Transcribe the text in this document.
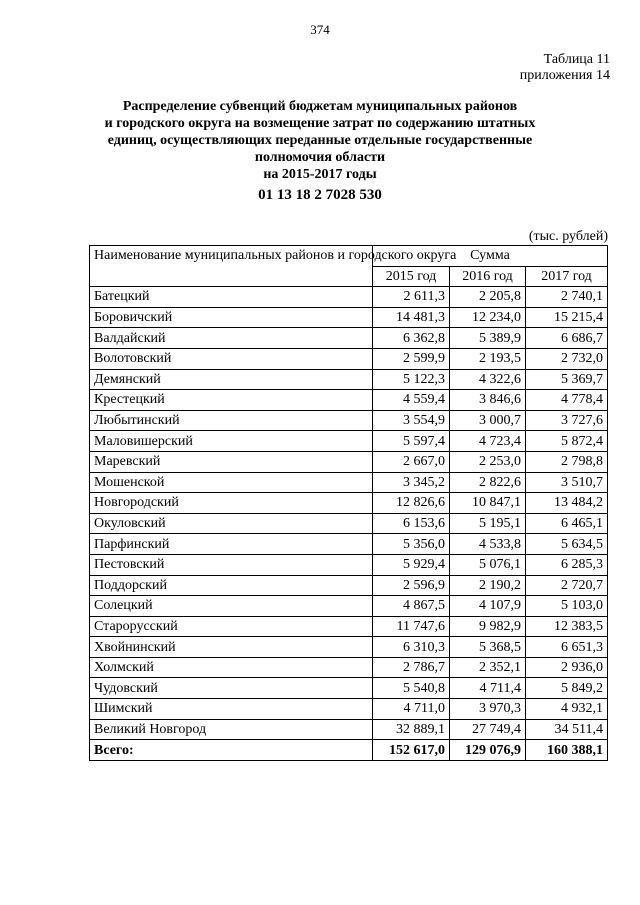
374
Таблица 11
приложения 14
Распределение субвенций бюджетам муниципальных районов
и городского округа на возмещение затрат по содержанию штатных
единиц, осуществляющих переданные отдельные государственные
полномочия области
на 2015-2017 годы
01 13 18 2 7028 530
(тыс. рублей)
Наименование муниципальных районов и городского округа	Сумма		
	2015 год	2016 год	2017 год
Батецкий	2 611,3	2 205,8	2 740,1
Боровичский	14 481,3	12 234,0	15 215,4
Валдайский	6 362,8	5 389,9	6 686,7
Волотовский	2 599,9	2 193,5	2 732,0
Демянский	5 122,3	4 322,6	5 369,7
Крестецкий	4 559,4	3 846,6	4 778,4
Любытинский	3 554,9	3 000,7	3 727,6
Маловишерский	5 597,4	4 723,4	5 872,4
Маревский	2 667,0	2 253,0	2 798,8
Мошенской	3 345,2	2 822,6	3 510,7
Новгородский	12 826,6	10 847,1	13 484,2
Окуловский	6 153,6	5 195,1	6 465,1
Парфинский	5 356,0	4 533,8	5 634,5
Пестовский	5 929,4	5 076,1	6 285,3
Поддорский	2 596,9	2 190,2	2 720,7
Солецкий	4 867,5	4 107,9	5 103,0
Старорусский	11 747,6	9 982,9	12 383,5
Хвойнинский	6 310,3	5 368,5	6 651,3
Холмский	2 786,7	2 352,1	2 936,0
Чудовский	5 540,8	4 711,4	5 849,2
Шимский	4 711,0	3 970,3	4 932,1
Великий Новгород	32 889,1	27 749,4	34 511,4
Всего:	152 617,0	129 076,9	160 388,1
